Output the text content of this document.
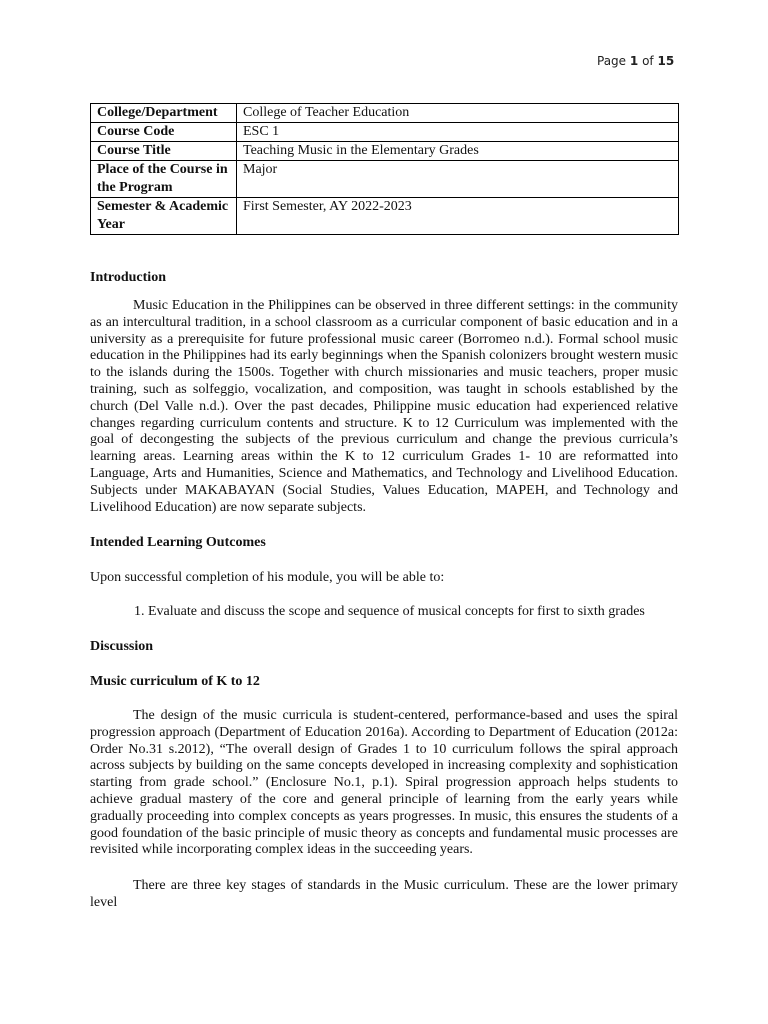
Page 1 of 15
College/Department	College of Teacher Education
Course Code	ESC 1
Course Title	Teaching Music in the Elementary Grades
Place of the Course in the Program	Major
Semester & Academic Year	First Semester, AY 2022-2023
Introduction
Music Education in the Philippines can be observed in three different settings: in the community as an intercultural tradition, in a school classroom as a curricular component of basic education and in a university as a prerequisite for future professional music career (Borromeo n.d.). Formal school music education in the Philippines had its early beginnings when the Spanish colonizers brought western music to the islands during the 1500s. Together with church missionaries and music teachers, proper music training, such as solfeggio, vocalization, and composition, was taught in schools established by the church (Del Valle n.d.). Over the past decades, Philippine music education had experienced relative changes regarding curriculum contents and structure. K to 12 Curriculum was implemented with the goal of decongesting the subjects of the previous curriculum and change the previous curricula’s learning areas. Learning areas within the K to 12 curriculum Grades 1- 10 are reformatted into Language, Arts and Humanities, Science and Mathematics, and Technology and Livelihood Education. Subjects under MAKABAYAN (Social Studies, Values Education, MAPEH, and Technology and Livelihood Education) are now separate subjects.
Intended Learning Outcomes
Upon successful completion of his module, you will be able to:
1. Evaluate and discuss the scope and sequence of musical concepts for first to sixth grades
Discussion
Music curriculum of K to 12
The design of the music curricula is student-centered, performance-based and uses the spiral progression approach (Department of Education 2016a). According to Department of Education (2012a: Order No.31 s.2012), “The overall design of Grades 1 to 10 curriculum follows the spiral approach across subjects by building on the same concepts developed in increasing complexity and sophistication starting from grade school.” (Enclosure No.1, p.1). Spiral progression approach helps students to achieve gradual mastery of the core and general principle of learning from the early years while gradually proceeding into complex concepts as years progresses. In music, this ensures the students of a good foundation of the basic principle of music theory as concepts and fundamental music processes are revisited while incorporating complex ideas in the succeeding years.
There are three key stages of standards in the Music curriculum. These are the lower primary level
